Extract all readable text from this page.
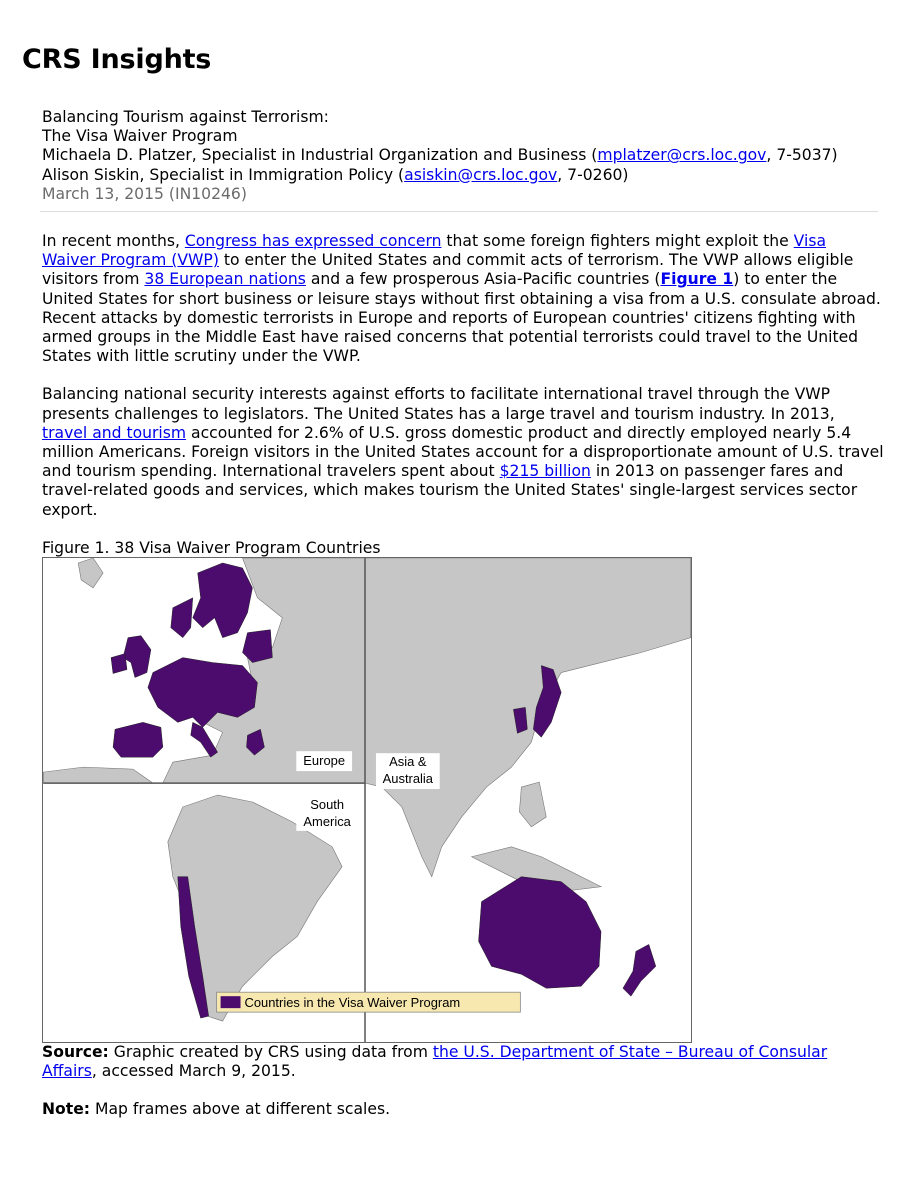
CRS Insights
Balancing Tourism against Terrorism:
The Visa Waiver Program
Michaela D. Platzer, Specialist in Industrial Organization and Business (mplatzer@crs.loc.gov, 7-5037)
Alison Siskin, Specialist in Immigration Policy (asiskin@crs.loc.gov, 7-0260)
March 13, 2015 (IN10246)

In recent months, Congress has expressed concern that some foreign fighters might exploit the Visa Waiver Program (VWP) to enter the United States and commit acts of terrorism. The VWP allows eligible visitors from 38 European nations and a few prosperous Asia-Pacific countries (Figure 1) to enter the United States for short business or leisure stays without first obtaining a visa from a U.S. consulate abroad. Recent attacks by domestic terrorists in Europe and reports of European countries' citizens fighting with armed groups in the Middle East have raised concerns that potential terrorists could travel to the United States with little scrutiny under the VWP.

Balancing national security interests against efforts to facilitate international travel through the VWP presents challenges to legislators. The United States has a large travel and tourism industry. In 2013, travel and tourism accounted for 2.6% of U.S. gross domestic product and directly employed nearly 5.4 million Americans. Foreign visitors in the United States account for a disproportionate amount of U.S. travel and tourism spending. International travelers spent about $215 billion in 2013 on passenger fares and travel-related goods and services, which makes tourism the United States' single-largest services sector export.

Figure 1. 38 Visa Waiver Program Countries
Europe	Asia &
Australia
South
America
Countries in the Visa Waiver Program
Source: Graphic created by CRS using data from the U.S. Department of State – Bureau of Consular Affairs, accessed March 9, 2015.

Note: Map frames above at different scales.
